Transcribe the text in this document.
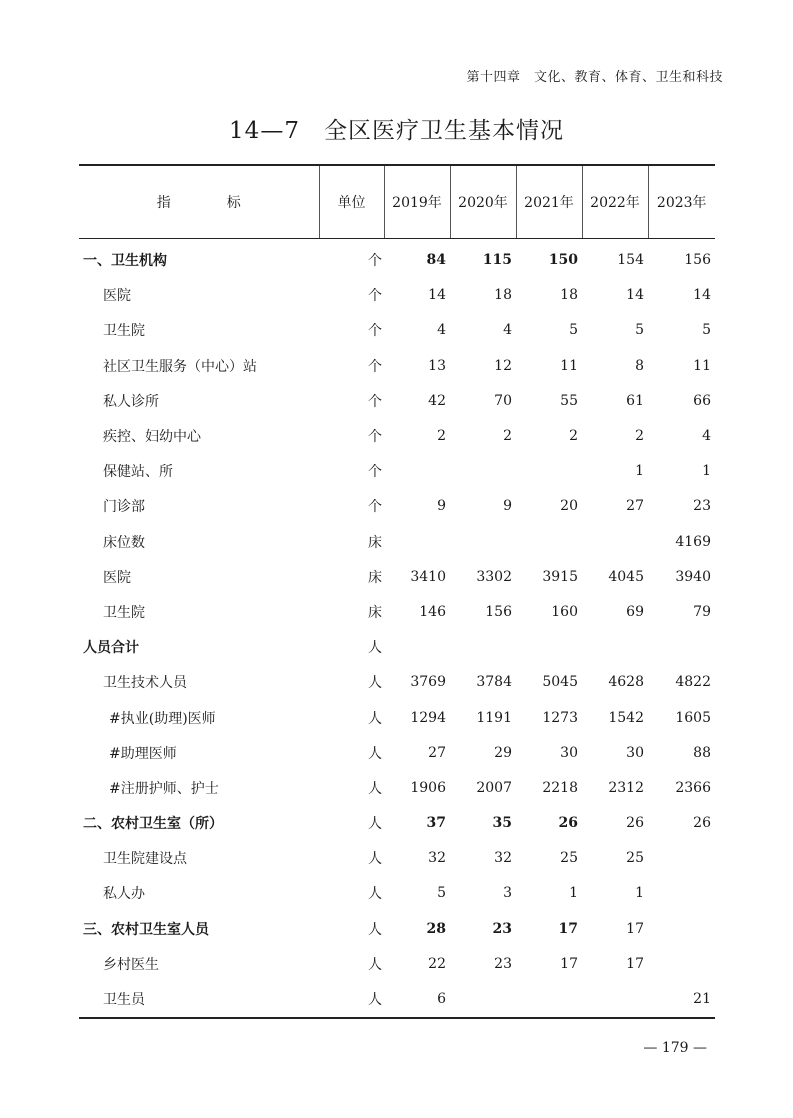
第十四章　文化、教育、体育、卫生和科技
14—7　全区医疗卫生基本情况
指　　　　标	单位	2019年	2020年	2021年	2022年	2023年
一、卫生机构	个	84	115	150	154	156
医院	个	14	18	18	14	14
卫生院	个	4	4	5	5	5
社区卫生服务（中心）站	个	13	12	11	8	11
私人诊所	个	42	70	55	61	66
疾控、妇幼中心	个	2	2	2	2	4
保健站、所	个				1	1
门诊部	个	9	9	20	27	23
床位数	床					4169
医院	床	3410	3302	3915	4045	3940
卫生院	床	146	156	160	69	79
人员合计	人					
卫生技术人员	人	3769	3784	5045	4628	4822
#执业(助理)医师	人	1294	1191	1273	1542	1605
#助理医师	人	27	29	30	30	88
#注册护师、护士	人	1906	2007	2218	2312	2366
二、农村卫生室（所）	人	37	35	26	26	26
卫生院建设点	人	32	32	25	25	
私人办	人	5	3	1	1	
三、农村卫生室人员	人	28	23	17	17	
乡村医生	人	22	23	17	17	
卫生员	人	6				21
— 179 —
